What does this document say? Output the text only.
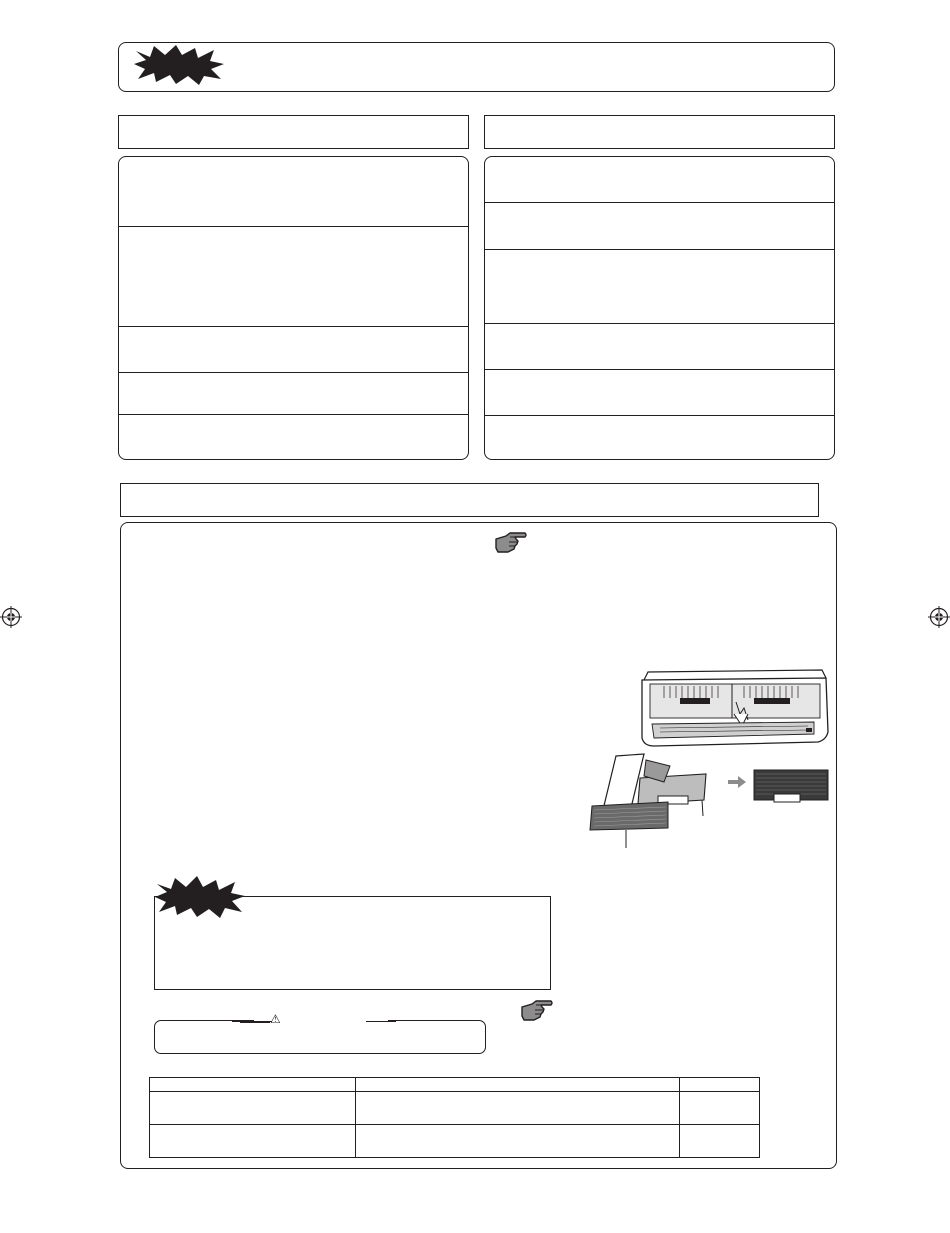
⚠
